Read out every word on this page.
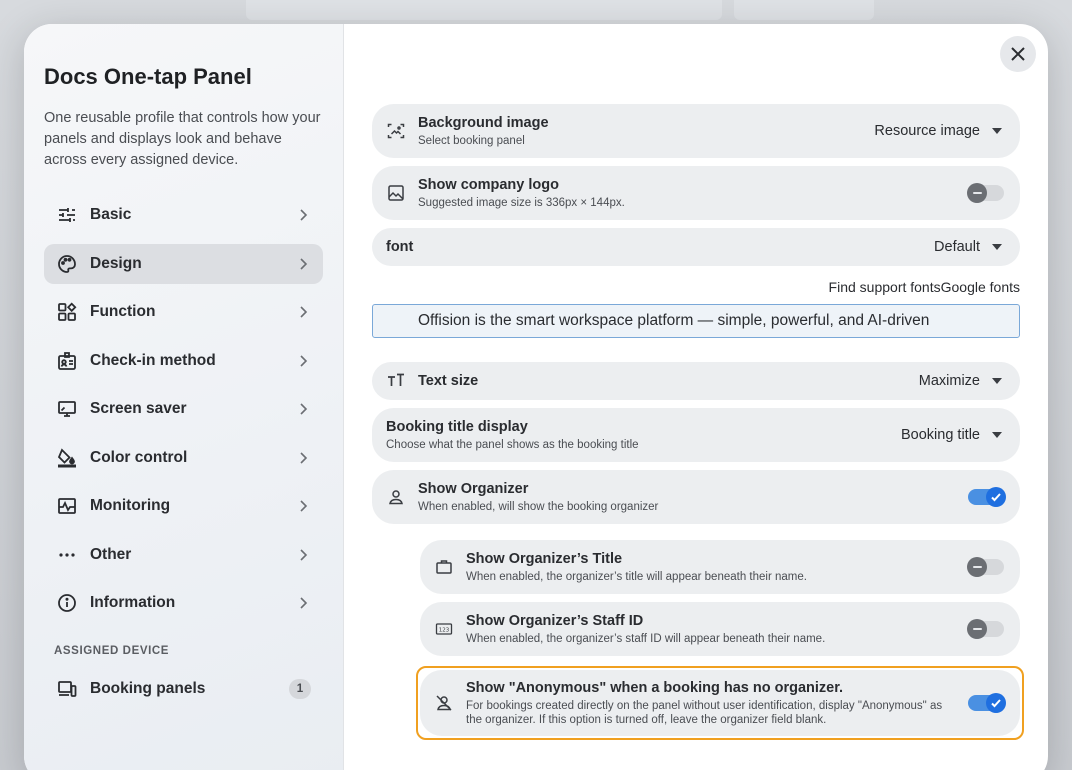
Docs One-tap Panel

One reusable profile that controls how your panels and displays look and behave across every assigned device.

Basic
Design
Function
Check-in method
Screen saver
Color control
Monitoring
Other
Information
ASSIGNED DEVICE
Booking panels	1
Background image
Select booking panel
Resource image
Show company logo
Suggested image size is 336px × 144px.
font	Default
Find support fonts Google fonts
Offision is the smart workspace platform — simple, powerful, and AI-driven
Text size	Maximize
Booking title display
Choose what the panel shows as the booking title
Booking title
Show Organizer
When enabled, will show the booking organizer
Show Organizer’s Title
When enabled, the organizer’s title will appear beneath their name.
123
Show Organizer’s Staff ID
When enabled, the organizer’s staff ID will appear beneath their name.
Show "Anonymous" when a booking has no organizer.
For bookings created directly on the panel without user identification, display "Anonymous" as the organizer. If this option is turned off, leave the organizer field blank.
